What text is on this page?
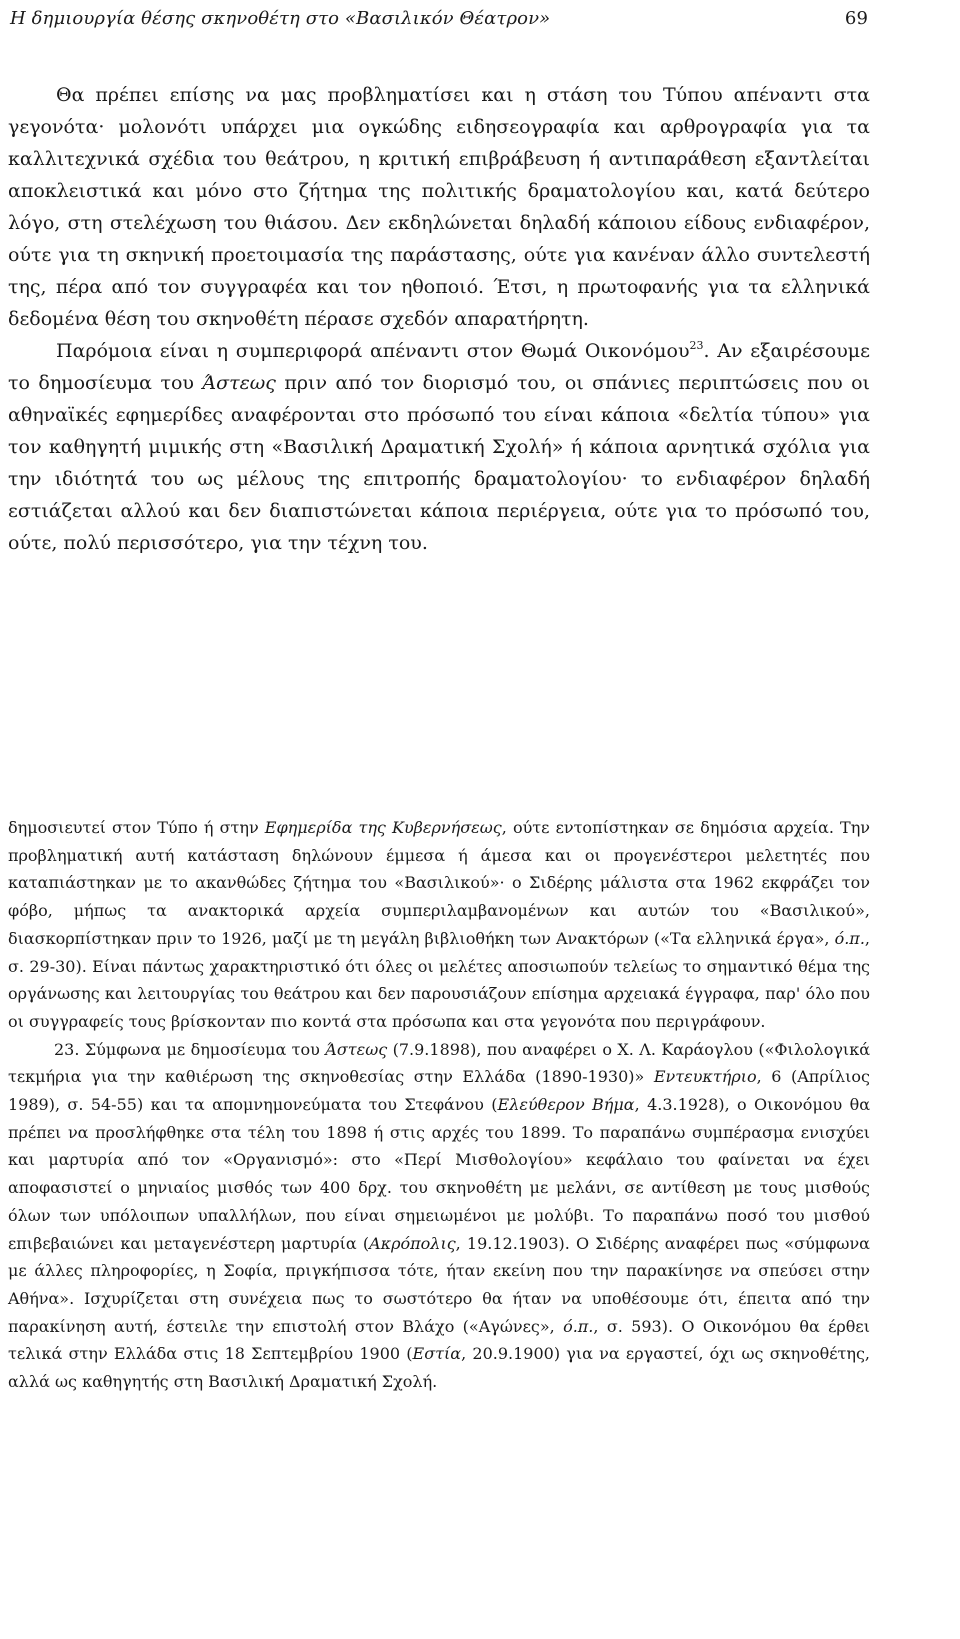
Η δημιουργία θέσης σκηνοθέτη στο «Βασιλικόν Θέατρον»	69

Θα πρέπει επίσης να μας προβληματίσει και η στάση του Τύπου απέναντι στα γεγονότα· μολονότι υπάρχει μια ογκώδης ειδησεογραφία και αρθρογραφία για τα καλλιτεχνικά σχέδια του θεάτρου, η κριτική επιβράβευση ή αντιπαράθεση εξαντλείται αποκλειστικά και μόνο στο ζήτημα της πολιτικής δραματολογίου και, κατά δεύτερο λόγο, στη στελέχωση του θιάσου. Δεν εκδηλώνεται δηλαδή κάποιου είδους ενδιαφέρον, ούτε για τη σκηνική προετοιμασία της παράστασης, ούτε για κανέναν άλλο συντελεστή της, πέρα από τον συγγραφέα και τον ηθοποιό. Έτσι, η πρωτοφανής για τα ελληνικά δεδομένα θέση του σκηνοθέτη πέρασε σχεδόν απαρατήρητη.

Παρόμοια είναι η συμπεριφορά απέναντι στον Θωμά Οικονόμου$^{23}$. Αν εξαιρέσουμε το δημοσίευμα του Άστεως πριν από τον διορισμό του, οι σπάνιες περιπτώσεις που οι αθηναϊκές εφημερίδες αναφέρονται στο πρόσωπό του είναι κάποια «δελτία τύπου» για τον καθηγητή μιμικής στη «Βασιλική Δραματική Σχολή» ή κάποια αρνητικά σχόλια για την ιδιότητά του ως μέλους της επιτροπής δραματολογίου· το ενδιαφέρον δηλαδή εστιάζεται αλλού και δεν διαπιστώνεται κάποια περιέργεια, ούτε για το πρόσωπό του, ούτε, πολύ περισσότερο, για την τέχνη του.

δημοσιευτεί στον Τύπο ή στην Εφημερίδα της Κυβερνήσεως, ούτε εντοπίστηκαν σε δημόσια αρχεία. Την προβληματική αυτή κατάσταση δηλώνουν έμμεσα ή άμεσα και οι προγενέστεροι μελετητές που καταπιάστηκαν με το ακανθώδες ζήτημα του «Βασιλικού»· ο Σιδέρης μάλιστα στα 1962 εκφράζει τον φόβο, μήπως τα ανακτορικά αρχεία συμπεριλαμβανομένων και αυτών του «Βασιλικού», διασκορπίστηκαν πριν το 1926, μαζί με τη μεγάλη βιβλιοθήκη των Ανακτόρων («Τα ελληνικά έργα», ό.π., σ. 29-30). Είναι πάντως χαρακτηριστικό ότι όλες οι μελέτες αποσιωπούν τελείως το σημαντικό θέμα της οργάνωσης και λειτουργίας του θεάτρου και δεν παρουσιάζουν επίσημα αρχειακά έγγραφα, παρ' όλο που οι συγγραφείς τους βρίσκονταν πιο κοντά στα πρόσωπα και στα γεγονότα που περιγράφουν.

23. Σύμφωνα με δημοσίευμα του Άστεως (7.9.1898), που αναφέρει ο Χ. Λ. Καράογλου («Φιλολογικά τεκμήρια για την καθιέρωση της σκηνοθεσίας στην Ελλάδα (1890-1930)» Εντευκτήριο, 6 (Απρίλιος 1989), σ. 54-55) και τα απομνημονεύματα του Στεφάνου (Ελεύθερον Βήμα, 4.3.1928), ο Οικονόμου θα πρέπει να προσλήφθηκε στα τέλη του 1898 ή στις αρχές του 1899. Το παραπάνω συμπέρασμα ενισχύει και μαρτυρία από τον «Οργανισμό»: στο «Περί Μισθολογίου» κεφάλαιο του φαίνεται να έχει αποφασιστεί ο μηνιαίος μισθός των 400 δρχ. του σκηνοθέτη με μελάνι, σε αντίθεση με τους μισθούς όλων των υπόλοιπων υπαλλήλων, που είναι σημειωμένοι με μολύβι. Το παραπάνω ποσό του μισθού επιβεβαιώνει και μεταγενέστερη μαρτυρία (Ακρόπολις, 19.12.1903). Ο Σιδέρης αναφέρει πως «σύμφωνα με άλλες πληροφορίες, η Σοφία, πριγκήπισσα τότε, ήταν εκείνη που την παρακίνησε να σπεύσει στην Αθήνα». Ισχυρίζεται στη συνέχεια πως το σωστότερο θα ήταν να υποθέσουμε ότι, έπειτα από την παρακίνηση αυτή, έστειλε την επιστολή στον Βλάχο («Αγώνες», ό.π., σ. 593). Ο Οικονόμου θα έρθει τελικά στην Ελλάδα στις 18 Σεπτεμβρίου 1900 (Εστία, 20.9.1900) για να εργαστεί, όχι ως σκηνοθέτης, αλλά ως καθηγητής στη Βασιλική Δραματική Σχολή.
